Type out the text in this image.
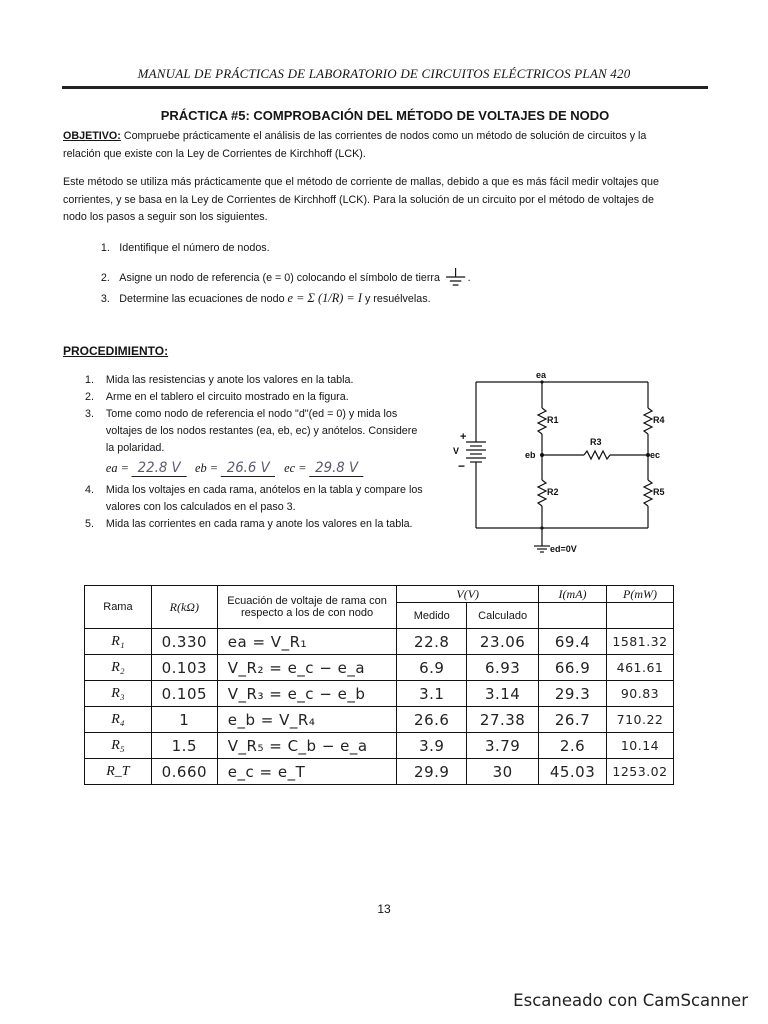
MANUAL DE PRÁCTICAS DE LABORATORIO DE CIRCUITOS ELÉCTRICOS PLAN 420
PRÁCTICA #5: COMPROBACIÓN DEL MÉTODO DE VOLTAJES DE NODO
OBJETIVO: Compruebe prácticamente el análisis de las corrientes de nodos como un método de solución de circuitos y la relación que existe con la Ley de Corrientes de Kirchhoff (LCK).
Este método se utiliza más prácticamente que el método de corriente de mallas, debido a que es más fácil medir voltajes que corrientes, y se basa en la Ley de Corrientes de Kirchhoff (LCK). Para la solución de un circuito por el método de voltajes de nodo los pasos a seguir son los siguientes.
1. Identifique el número de nodos.
2. Asigne un nodo de referencia (e = 0) colocando el símbolo de tierra .
3. Determine las ecuaciones de nodo e = Σ (1/R) = I y resuélvelas.
PROCEDIMIENTO:
1. Mida las resistencias y anote los valores en la tabla.
2. Arme en el tablero el circuito mostrado en la figura.
3. Tome como nodo de referencia el nodo "d"(ed = 0) y mida los voltajes de los nodos restantes (ea, eb, ec) y anótelos. Considere la polaridad.
ea = 22.8 V eb = 26.6 V ec = 29.8 V
4. Mida los voltajes en cada rama, anótelos en la tabla y compare los valores con los calculados en el paso 3.
5. Mida las corrientes en cada rama y anote los valores en la tabla.
ea
eb	ec
ed=0V
R1
R2
R3
R4
R5
V
+
−
Rama	R(kΩ)	Ecuación de voltaje de rama con respecto a los de con nodo	V(V)		I(mA)	P(mW)
			Medido	Calculado		
R₁	0.330	ea = V_R₁	22.8	23.06	69.4	1581.32
R₂	0.103	V_R₂ = e_c − e_a	6.9	6.93	66.9	461.61
R₃	0.105	V_R₃ = e_c − e_b	3.1	3.14	29.3	90.83
R₄	1	e_b = V_R₄	26.6	27.38	26.7	710.22
R₅	1.5	V_R₅ = C_b − e_a	3.9	3.79	2.6	10.14
R_T	0.660	e_c = e_T	29.9	30	45.03	1253.02
13
Escaneado con CamScanner
